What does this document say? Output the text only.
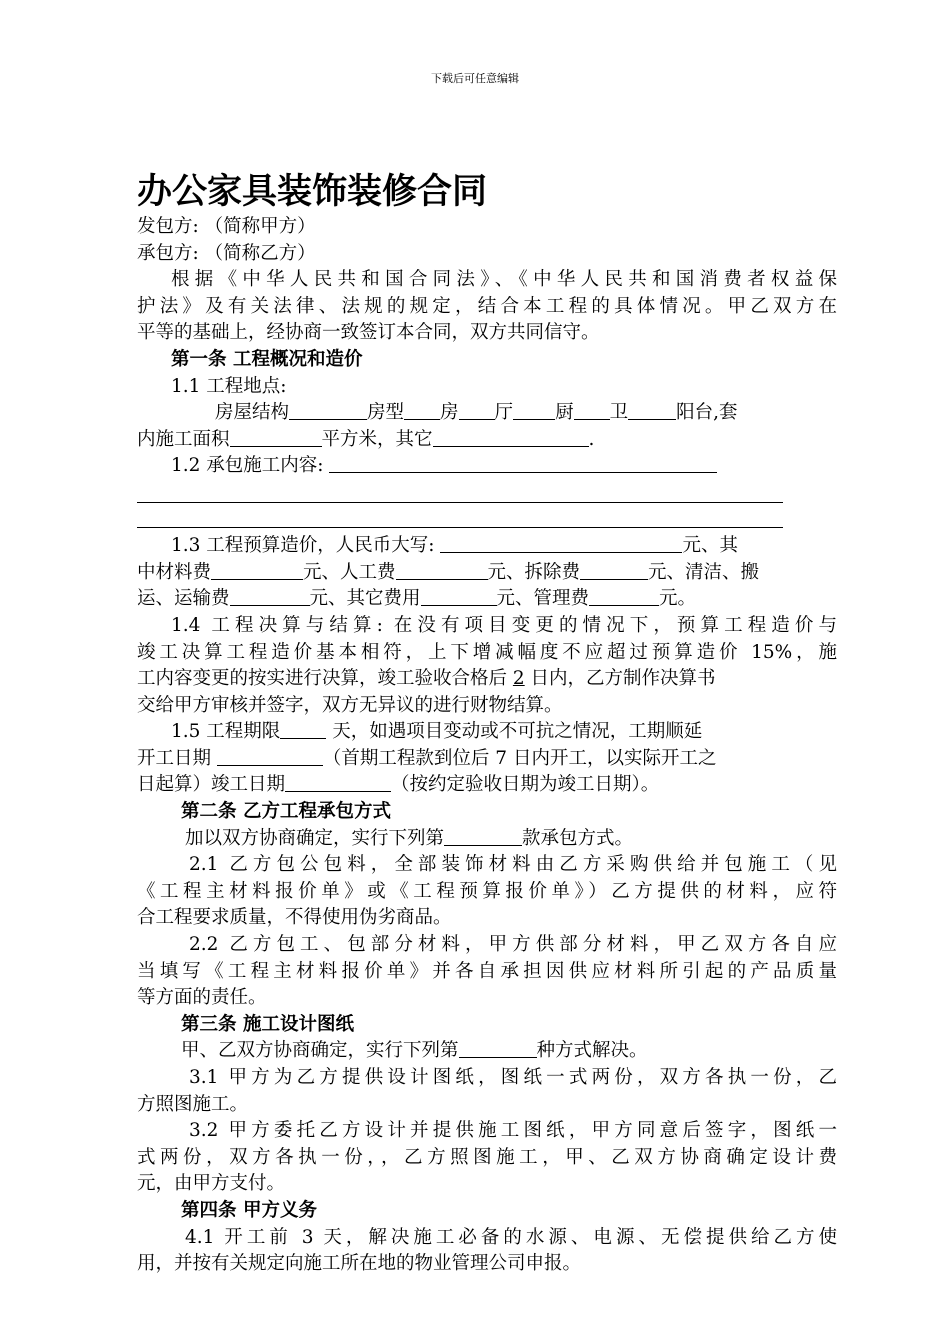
下载后可任意编辑
办公家具装饰装修合同
发包方: （简称甲方）
承包方: （简称乙方）
根据《中华人民共和国合同法》、《中华人民共和国消费者权益保
护法》及有关法律、法规的规定，结合本工程的具体情况。甲乙双方在
平等的基础上，经协商一致签订本合同，双方共同信守。
第一条 工程概况和造价
1.1 工程地点:
房屋结构	房型 房 厅 厨 卫	阳台,套
内施工面积	平方米，其它	.
1.2 承包施工内容:
1.3 工程预算造价，人民币大写:	元、其
中材料费	元、人工费	元、拆除费	元、清洁、搬
运、运输费	元、其它费用	元、管理费	元。
1.4 工程决算与结算: 在没有项目变更的情况下，预算工程造价与
竣工决算工程造价基本相符，上下增减幅度不应超过预算造价 15%，施
工内容变更的按实进行决算，竣工验收合格后 2 日内，乙方制作决算书
交给甲方审核并签字，双方无异议的进行财物结算。
1.5 工程期限 天，如遇项目变动或不可抗之情况，工期顺延
开工日期	（首期工程款到位后 7 日内开工，以实际开工之
日起算）竣工日期	（按约定验收日期为竣工日期）。
第二条 乙方工程承包方式
加以双方协商确定，实行下列第	款承包方式。
2.1 乙方包公包料，全部装饰材料由乙方采购供给并包施工（见
《工程主材料报价单》或《工程预算报价单》）乙方提供的材料，应符
合工程要求质量，不得使用伪劣商品。
2.2 乙方包工、包部分材料，甲方供部分材料，甲乙双方各自应
当填写《工程主材料报价单》并各自承担因供应材料所引起的产品质量
等方面的责任。
第三条 施工设计图纸
甲、乙双方协商确定，实行下列第	种方式解决。
3.1 甲方为乙方提供设计图纸，图纸一式两份，双方各执一份，乙
方照图施工。
3.2 甲方委托乙方设计并提供施工图纸，甲方同意后签字，图纸一
式两份，双方各执一份，，乙方照图施工，甲、乙双方协商确定设计费
元，由甲方支付。
第四条 甲方义务
4.1 开工前 3 天，解决施工必备的水源、电源、无偿提供给乙方使
用，并按有关规定向施工所在地的物业管理公司申报。
